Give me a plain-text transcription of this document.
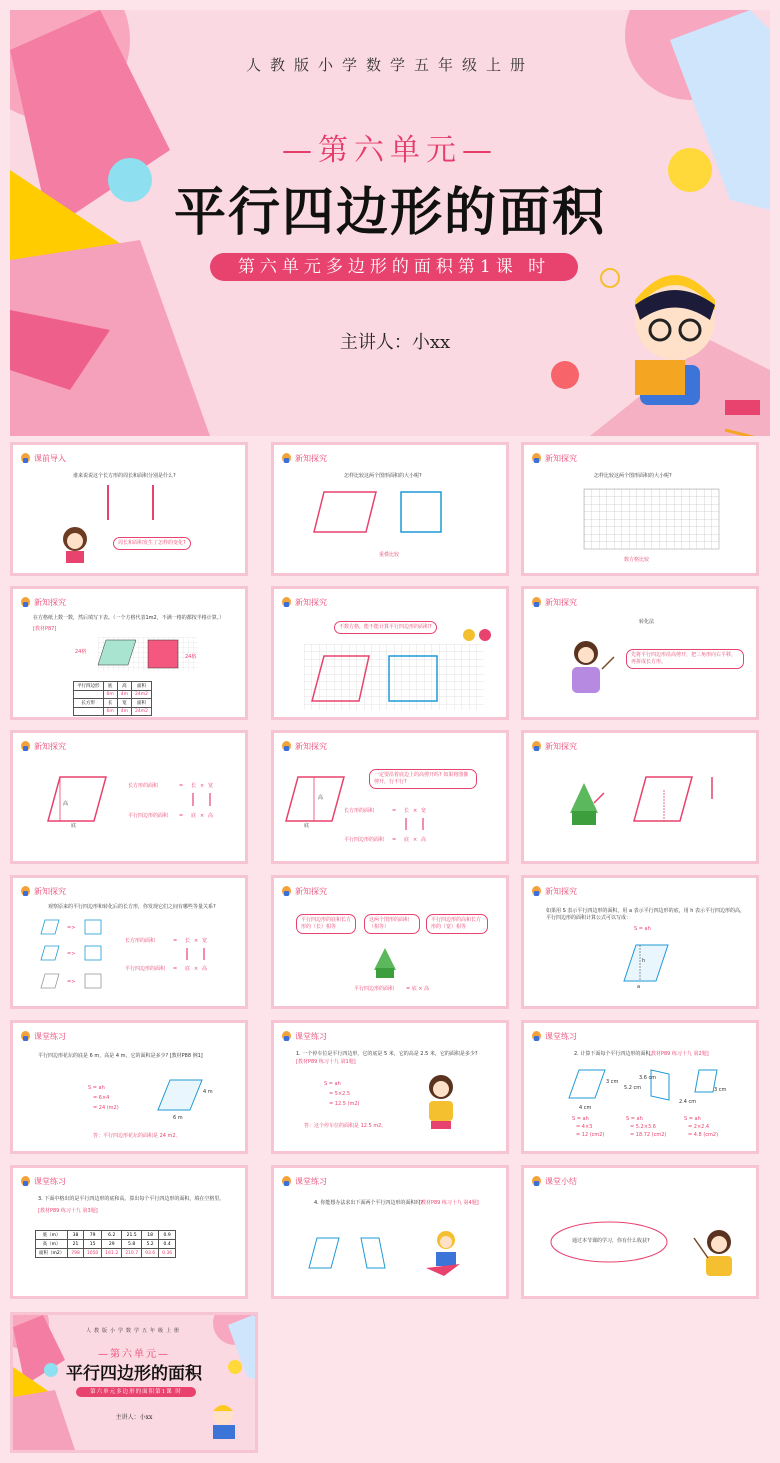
人教版小学数学五年级上册
—第六单元—
平行四边形的面积
第六单元多边形的面积第1课 时
主讲人：小xx
课前导入
谁来说说这个长方形的周长和面积分别是什么?
周长和面积发生了怎样的变化?
新知探究
怎样比较这两个图形面积的大小呢?
重叠比较
新知探究
怎样比较这两个图形面积的大小呢?
数方格比较
新知探究
在方格纸上数一数，然后填写下表。（一个方格代表1m2，不满一格的都按半格计算。）
[教材P87]
24格
24格
平行四边形	底	高	面积
	6m	4m	24m2
长方形	长	宽	面积
	6m	4m	24m2
新知探究
不数方格，能不能计算平行四边形的面积?
新知探究
转化法
先将平行四边形沿高剪开，把三角形向右平移，再拼成长方形。
新知探究
高
底
长方形的面积	= 长 × 宽
平行四边形的面积 = 底 × 高
新知探究
高
底
一定要沿着底边上的高剪开吗? 如果将图像剪开，行不行?
长方形的面积	= 长 × 宽
平行四边形的面积 = 底 × 高
新知探究
新知探究
观察原来的平行四边形和转化后的长方形，你发现它们之间有哪些等量关系?
=>
=>
=>
长方形的面积	= 长 × 宽
平行四边形的面积 = 底 × 高
新知探究
平行四边形的底和长方形的（长）相等
这两个图形的面积（相等）
平行四边形的高和长方形的（宽）相等
平行四边形的面积 = 底 × 高
新知探究
如果用 S 表示平行四边形的面积，用 a 表示平行四边形的底，用 h 表示平行四边形的高，平行四边形的面积计算公式可以写成：
S = ah
h
a
课堂练习
平行四边形花坛的底是 6 m，高是 4 m，它的面积是多少? [教材P88 例1]
S = ah
= 6×4
= 24 (m2)
4 m
6 m
答：平行四边形花坛的面积是 24 m2。
课堂练习
1. 一个停车位是平行四边形，它的底是 5 米，它的高是 2.5 米，它的面积是多少?
[教材P89 练习十九 第1题]
S = ah
= 5×2.5
= 12.5 (m2)
答：这个停车位的面积是 12.5 m2。
课堂练习
2. 计算下面每个平行四边形的面积。
[教材P89 练习十九 第2题]
4 cm
3 cm
3.6 cm
5.2 cm
2.4 cm
3 cm
S = ah
= 4×3
= 12 (cm2)
S = ah
= 5.2×3.6
= 18.72 (cm2)
S = ah
= 2×2.4
= 4.8 (cm2)
课堂练习
3. 下面中格出的是平行四边形的底和高。算出每个平行四边形的面积，填在空格里。
[教材P89 练习十九 第3题]
底（m）	38	79	6.2	21.5	18	0.9
高（m）	21	15	29	5.8	5.2	0.4
面积（m2）	798	1050	161.2	210.7	93.6	0.36
课堂练习
4. 你能想办法求出下面两个平行四边形的面积吗?
[教材P89 练习十九 第4题]
课堂小结
通过本节课的学习，你有什么收获?
人教版小学数学五年级上册
—第六单元—
平行四边形的面积
第六单元多边形的面积第1课 时
主讲人：小xx
